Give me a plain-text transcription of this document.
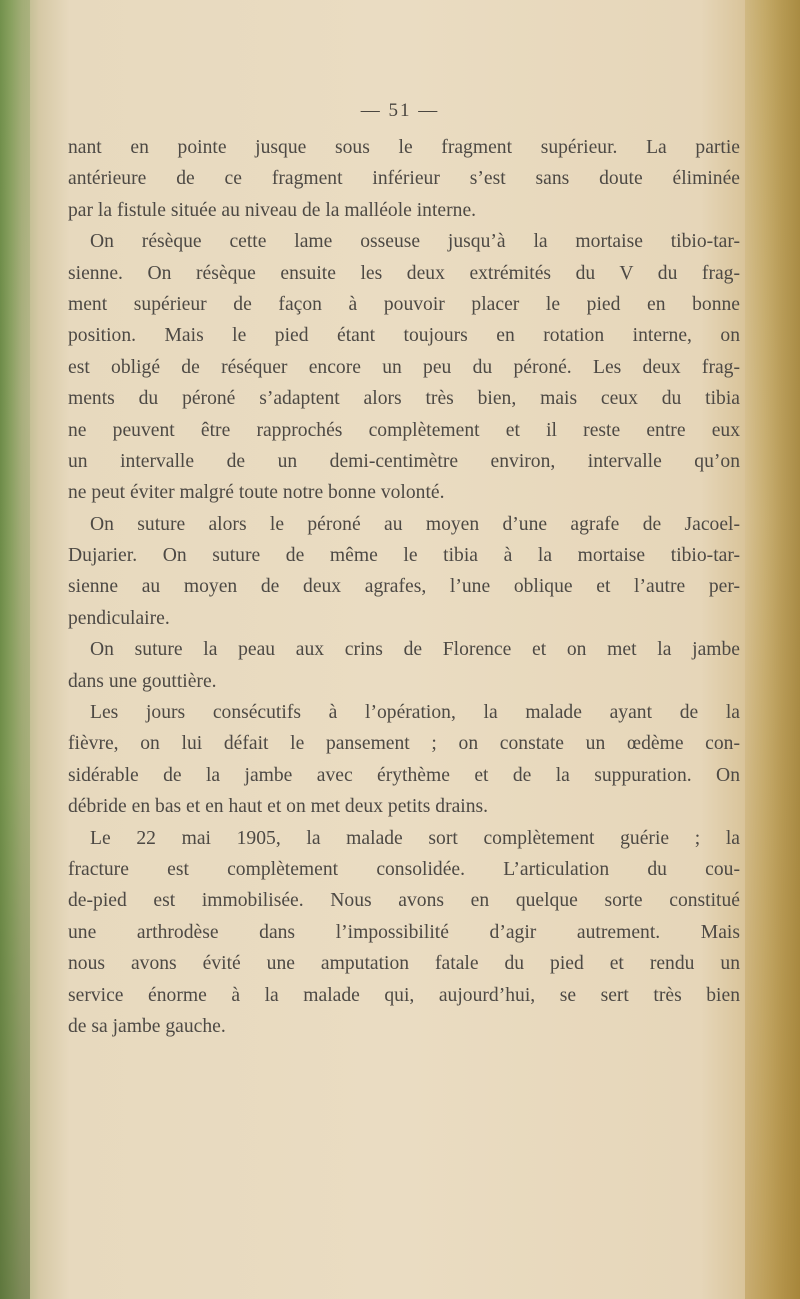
— 51 —
nant en pointe jusque sous le fragment supérieur. La partie
antérieure de ce fragment inférieur s’est sans doute éliminée
par la fistule située au niveau de la malléole interne.
On résèque cette lame osseuse jusqu’à la mortaise tibio-tar-
sienne. On résèque ensuite les deux extrémités du V du frag-
ment supérieur de façon à pouvoir placer le pied en bonne
position. Mais le pied étant toujours en rotation interne, on
est obligé de réséquer encore un peu du péroné. Les deux frag-
ments du péroné s’adaptent alors très bien, mais ceux du tibia
ne peuvent être rapprochés complètement et il reste entre eux
un intervalle de un demi-centimètre environ, intervalle qu’on
ne peut éviter malgré toute notre bonne volonté.
On suture alors le péroné au moyen d’une agrafe de Jacoel-
Dujarier. On suture de même le tibia à la mortaise tibio-tar-
sienne au moyen de deux agrafes, l’une oblique et l’autre per-
pendiculaire.
On suture la peau aux crins de Florence et on met la jambe
dans une gouttière.
Les jours consécutifs à l’opération, la malade ayant de la
fièvre, on lui défait le pansement ; on constate un œdème con-
sidérable de la jambe avec érythème et de la suppuration. On
débride en bas et en haut et on met deux petits drains.
Le 22 mai 1905, la malade sort complètement guérie ; la
fracture est complètement consolidée. L’articulation du cou-
de-pied est immobilisée. Nous avons en quelque sorte constitué
une arthrodèse dans l’impossibilité d’agir autrement. Mais
nous avons évité une amputation fatale du pied et rendu un
service énorme à la malade qui, aujourd’hui, se sert très bien
de sa jambe gauche.
